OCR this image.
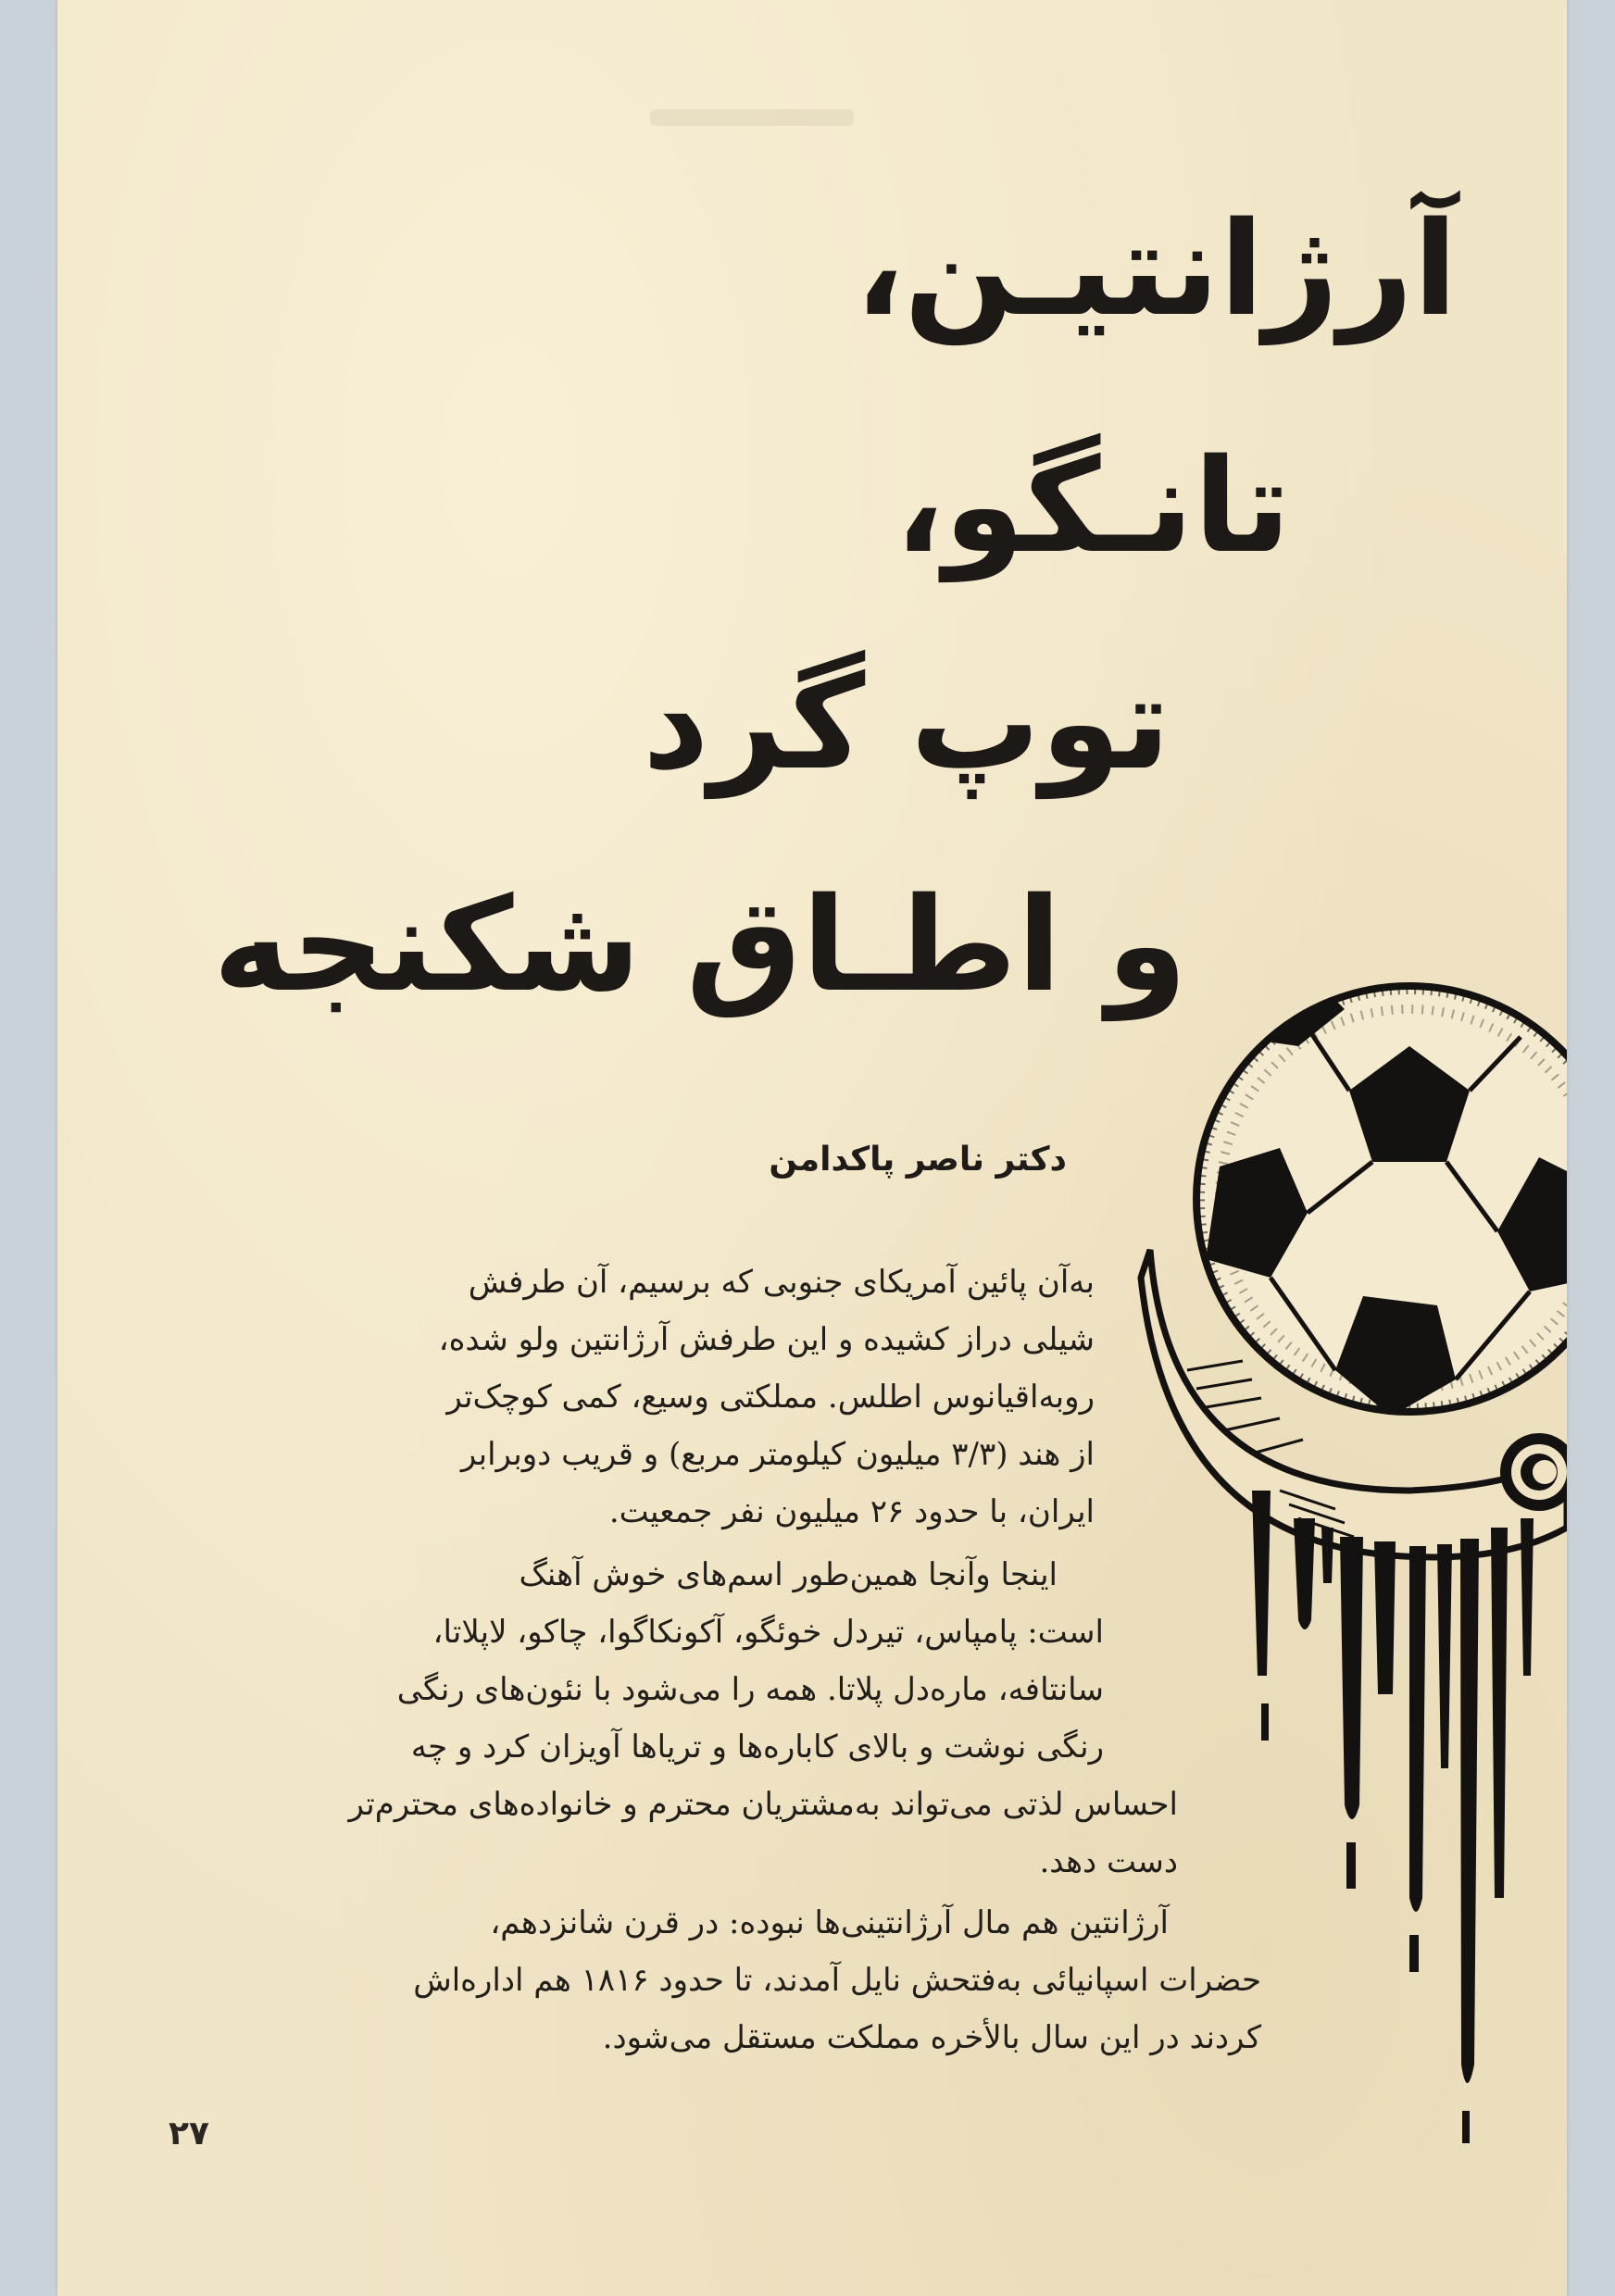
آرژانتیـن،
تانـگو،
توپ گرد
و اطـاق شکنجه
دکتر ناصر پاکدامن
به‌آن پائین آمریکای جنوبی که برسیم، آن طرفش
شیلی دراز کشیده و این طرفش آرژانتین ولو شده،
روبه‌اقیانوس اطلس. مملکتی وسیع، کمی کوچک‌تر
از هند (۳/۳ میلیون کیلومتر مربع) و قریب دوبرابر
ایران، با حدود ۲۶ میلیون نفر جمعیت.
اینجا وآنجا همین‌طور اسم‌های خوش آهنگ
است: پامپاس، تیردل خوئگو، آکونکاگوا، چاکو، لاپلاتا،
سانتافه، ماره‌دل پلاتا. همه را می‌شود با نئون‌های رنگی
رنگی نوشت و بالای کاباره‌ها و تریاها آویزان کرد و چه
احساس لذتی می‌تواند به‌مشتریان محترم و خانواده‌های محترم‌تر
دست دهد.
آرژانتین هم مال آرژانتینی‌ها نبوده: در قرن شانزدهم،
حضرات اسپانیائی به‌فتحش نایل آمدند، تا حدود ۱۸۱۶ هم اداره‌اش
کردند در این سال بالأخره مملکت مستقل می‌شود.
۲۷
